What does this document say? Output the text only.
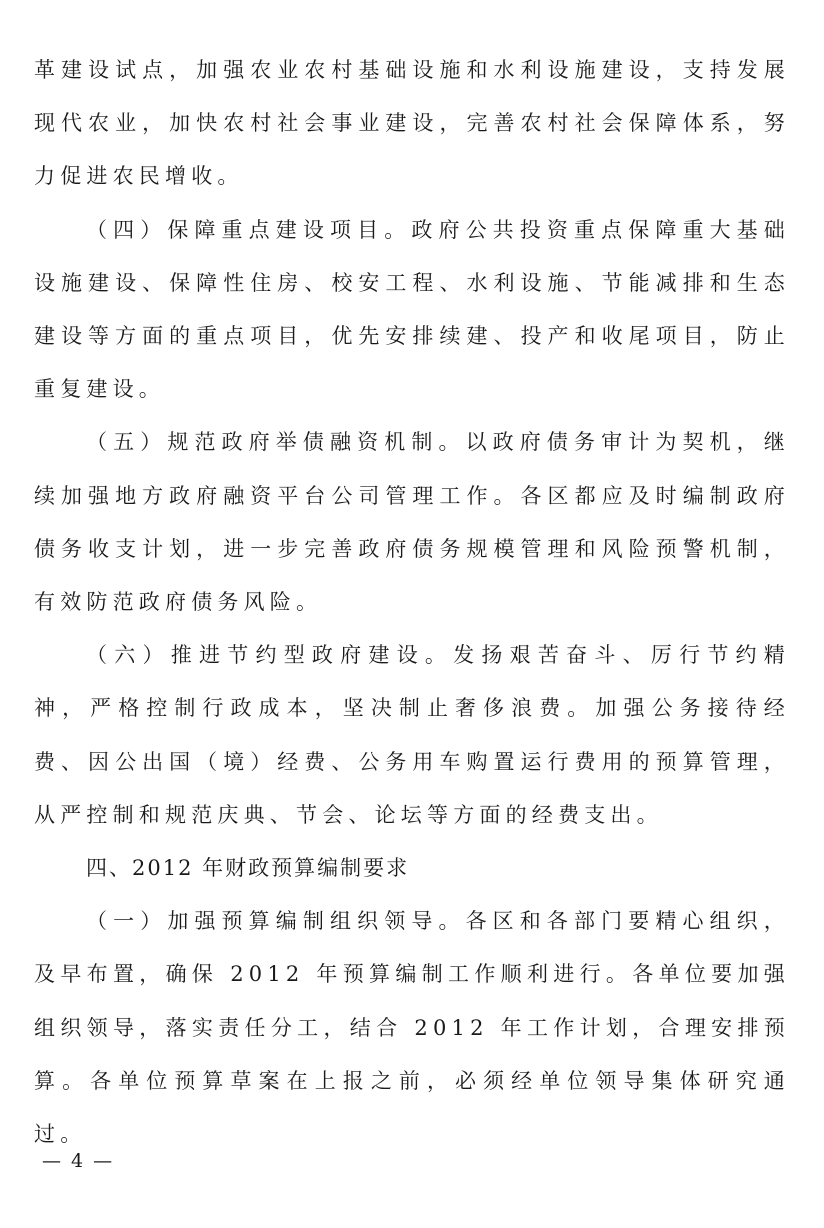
革建设试点，加强农业农村基础设施和水利设施建设，支持发展现代农业，加快农村社会事业建设，完善农村社会保障体系，努力促进农民增收。

（四）保障重点建设项目。政府公共投资重点保障重大基础设施建设、保障性住房、校安工程、水利设施、节能减排和生态建设等方面的重点项目，优先安排续建、投产和收尾项目，防止重复建设。

（五）规范政府举债融资机制。以政府债务审计为契机，继续加强地方政府融资平台公司管理工作。各区都应及时编制政府债务收支计划，进一步完善政府债务规模管理和风险预警机制，有效防范政府债务风险。

（六）推进节约型政府建设。发扬艰苦奋斗、厉行节约精神，严格控制行政成本，坚决制止奢侈浪费。加强公务接待经费、因公出国（境）经费、公务用车购置运行费用的预算管理，从严控制和规范庆典、节会、论坛等方面的经费支出。

四、2012 年财政预算编制要求

（一）加强预算编制组织领导。各区和各部门要精心组织，及早布置，确保 2012 年预算编制工作顺利进行。各单位要加强组织领导，落实责任分工，结合 2012 年工作计划，合理安排预算。各单位预算草案在上报之前，必须经单位领导集体研究通过。

— 4 —
